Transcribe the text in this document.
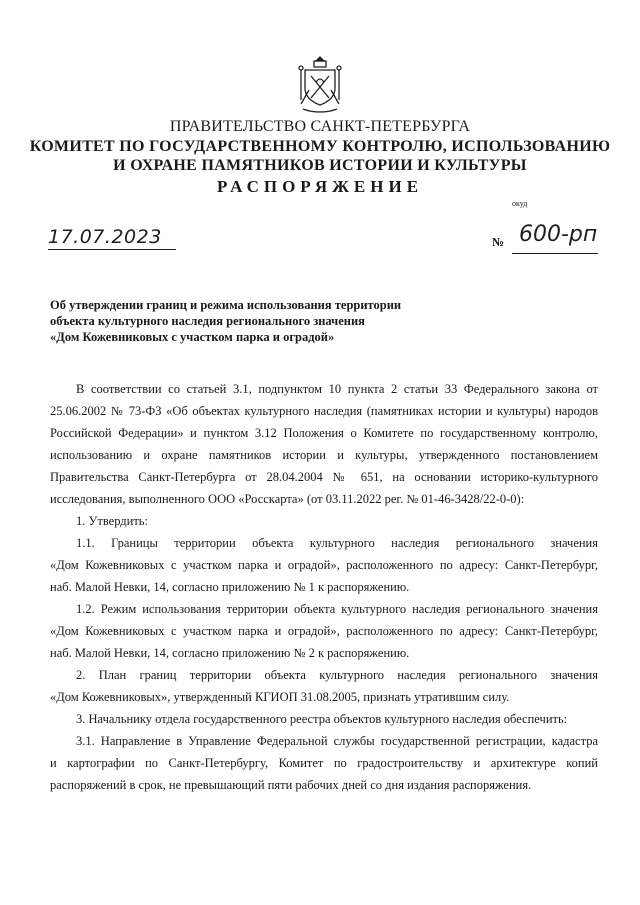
ПРАВИТЕЛЬСТВО САНКТ-ПЕТЕРБУРГА
КОМИТЕТ ПО ГОСУДАРСТВЕННОМУ КОНТРОЛЮ, ИСПОЛЬЗОВАНИЮ
И ОХРАНЕ ПАМЯТНИКОВ ИСТОРИИ И КУЛЬТУРЫ
РАСПОРЯЖЕНИЕ
окуд
17.07.2023	№ 600-рп
Об утверждении границ и режима использования территории
объекта культурного наследия регионального значения
«Дом Кожевниковых с участком парка и оградой»
В соответствии со статьей 3.1, подпунктом 10 пункта 2 статьи 33 Федерального закона от
25.06.2002 № 73-ФЗ «Об объектах культурного наследия (памятниках истории и культуры) народов
Российской Федерации» и пунктом 3.12 Положения о Комитете по государственному контролю,
использованию и охране памятников истории и культуры, утвержденного постановлением
Правительства Санкт-Петербурга от 28.04.2004 № 651, на основании историко-культурного
исследования, выполненного ООО «Росскарта» (от 03.11.2022 рег. № 01-46-3428/22-0-0):
1. Утвердить:
1.1. Границы территории объекта культурного наследия регионального значения
«Дом Кожевниковых с участком парка и оградой», расположенного по адресу: Санкт-Петербург,
наб. Малой Невки, 14, согласно приложению № 1 к распоряжению.
1.2. Режим использования территории объекта культурного наследия регионального значения
«Дом Кожевниковых с участком парка и оградой», расположенного по адресу: Санкт-Петербург,
наб. Малой Невки, 14, согласно приложению № 2 к распоряжению.
2. План границ территории объекта культурного наследия регионального значения
«Дом Кожевниковых», утвержденный КГИОП 31.08.2005, признать утратившим силу.
3. Начальнику отдела государственного реестра объектов культурного наследия обеспечить:
3.1. Направление в Управление Федеральной службы государственной регистрации, кадастра
и картографии по Санкт-Петербургу, Комитет по градостроительству и архитектуре копий
распоряжений в срок, не превышающий пяти рабочих дней со дня издания распоряжения.
